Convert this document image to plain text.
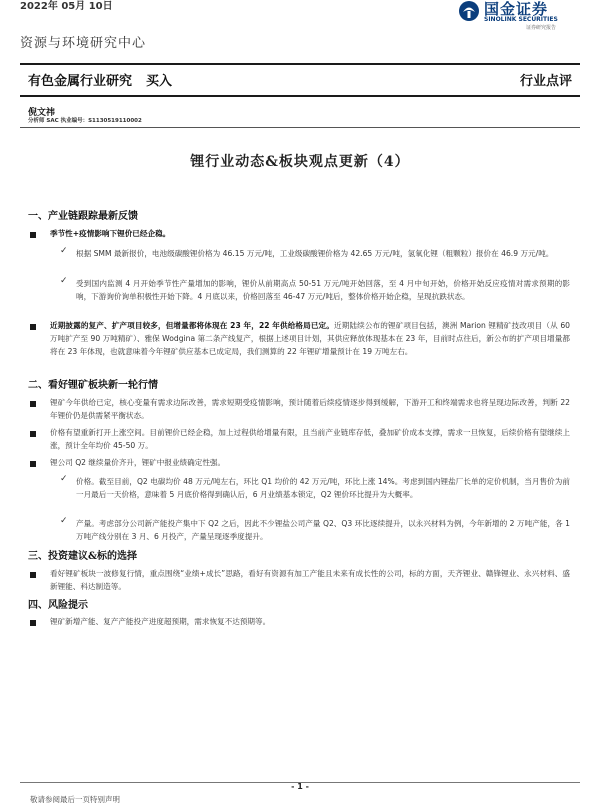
2022年 05月 10日	国金证券
SINOLINK SECURITIES
证券研究报告
资源与环境研究中心
有色金属行业研究 买入	行业点评
倪文祎
分析师 SAC 执业编号：S1130519110002
锂行业动态&板块观点更新（4）
一、产业链跟踪最新反馈

季节性+疫情影响下锂价已经企稳。

✓ 根据 SMM 最新报价，电池级碳酸锂价格为 46.15 万元/吨，工业级碳酸锂价格为 42.65 万元/吨，氢氧化锂（粗颗粒）报价在 46.9 万元/吨。

✓ 受到国内监测 4 月开始季节性产量增加的影响，锂价从前期高点 50-51 万元/吨开始回落，至 4 月中旬开始，价格开始反应疫情对需求预期的影响，下游询价询单积极性开始下降。4 月底以来，价格回落至 46-47 万元/吨后，整体价格开始企稳，呈现抗跌状态。

近期披露的复产、扩产项目较多，但增量都将体现在 23 年，22 年供给格局已定。近期陆续公布的锂矿项目包括，澳洲 Marion 锂精矿技改项目（从 60 万吨扩产至 90 万吨精矿）、雅保 Wodgina 第二条产线复产，根据上述项目计划，其供应释放体现基本在 23 年，目前时点往后，新公布的扩产项目增量都将在 23 年体现，也就意味着今年锂矿供应基本已成定局，我们测算的 22 年锂矿增量预计在 19 万吨左右。

二、看好锂矿板块新一轮行情

锂矿今年供给已定，核心变量有需求边际改善，需求短期受疫情影响，预计随着后续疫情逐步得到缓解，下游开工和终端需求也将呈现边际改善，判断 22 年锂价仍是供需紧平衡状态。

价格有望重新打开上涨空间。目前锂价已经企稳，加上过程供给增量有限，且当前产业链库存低，叠加矿价成本支撑，需求一旦恢复，后续价格有望继续上涨，预计全年均价 45-50 万。

锂公司 Q2 继续量价齐升，锂矿中报业绩确定性强。

✓ 价格。截至目前，Q2 电碳均价 48 万元/吨左右，环比 Q1 均价的 42 万元/吨，环比上涨 14%。考虑到国内锂盐厂长单的定价机制，当月售价为前一月最后一天价格，意味着 5 月底价格得到确认后，6 月业绩基本锁定，Q2 锂价环比提升为大概率。

✓ 产量。考虑部分公司新产能投产集中下 Q2 之后，因此不少锂盐公司产量 Q2、Q3 环比逐续提升，以永兴材料为例，今年新增的 2 万吨产能，各 1 万吨产线分别在 3 月、6 月投产，产量呈现逐季度提升。

三、投资建议&标的选择

看好锂矿板块一波修复行情，重点围绕“业绩+成长”思路，看好有资源有加工产能且未来有成长性的公司，标的方面，天齐锂业、赣锋锂业、永兴材料、盛新锂能、科达制造等。

四、风险提示

锂矿新增产能、复产产能投产进度超预期，需求恢复不达预期等。

- 1 -
敬请参阅最后一页特别声明
